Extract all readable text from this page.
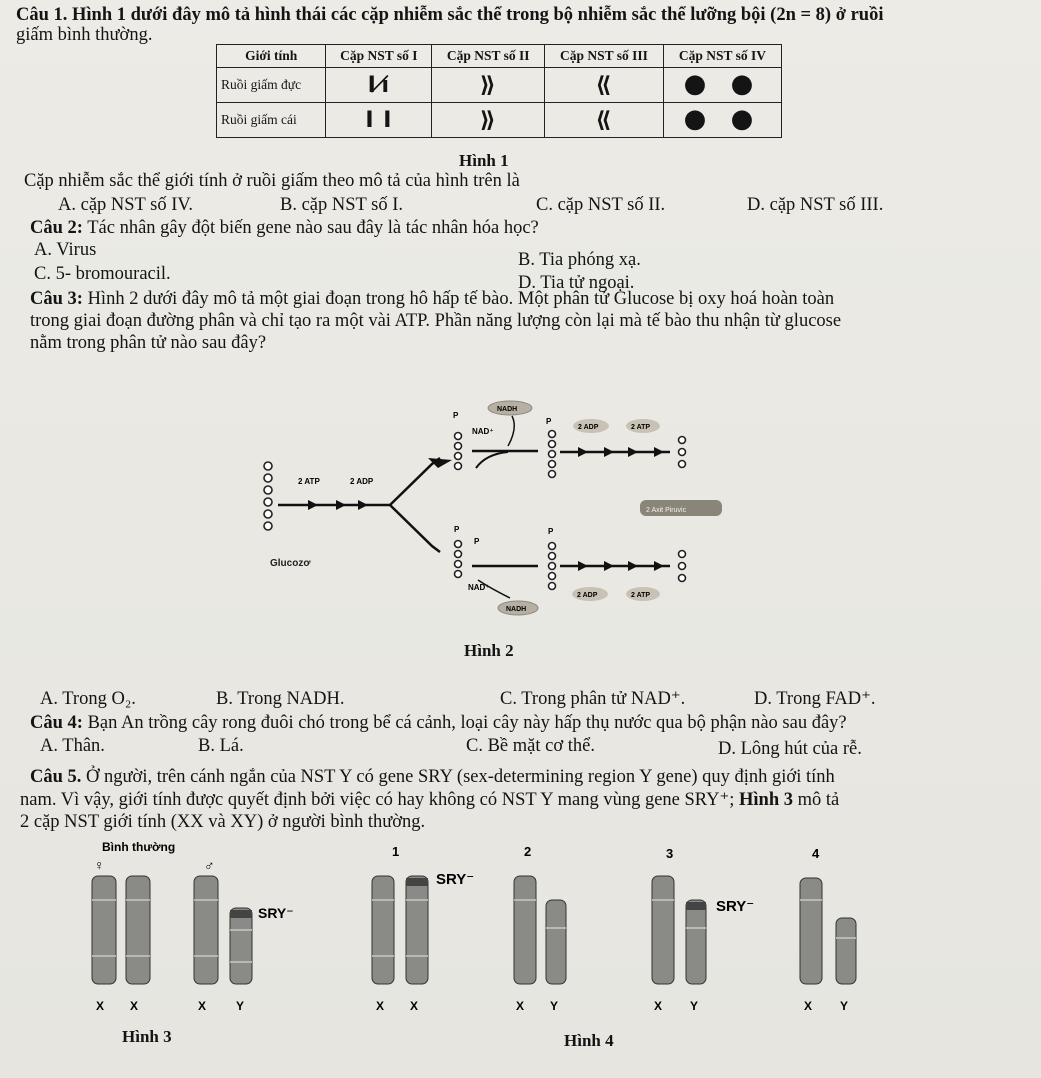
Câu 1. Hình 1 dưới đây mô tả hình thái các cặp nhiễm sắc thể trong bộ nhiễm sắc thể lưỡng bội (2n = 8) ở ruồi
giấm bình thường.
Giới tính	Cặp NST số I	Cặp NST số II	Cặp NST số III	Cặp NST số IV
Ruồi giấm đực	I ı̸	⟫	⟪	● ●
Ruồi giấm cái	I I	⟫	⟪	● ●
Hình 1
Cặp nhiễm sắc thể giới tính ở ruồi giấm theo mô tả của hình trên là
A. cặp NST số IV.	B. cặp NST số I.	C. cặp NST số II.	D. cặp NST số III.
Câu 2: Tác nhân gây đột biến gene nào sau đây là tác nhân hóa học?
A. Virus	B. Tia phóng xạ.
C. 5- bromouracil.	D. Tia tử ngoại.
Câu 3: Hình 2 dưới đây mô tả một giai đoạn trong hô hấp tế bào. Một phân tử Glucose bị oxy hoá hoàn toàn
trong giai đoạn đường phân và chỉ tạo ra một vài ATP. Phần năng lượng còn lại mà tế bào thu nhận từ glucose
nằm trong phân tử nào sau đây?
Glucozơ
2 ATP	2 ADP
P
NAD⁺
NADH
P
2 ADP	2 ATP
2 Axit Piruvic
P
P
P
NAD⁺
NADH
2 ADP	2 ATP
Hình 2
A. Trong O₂.	B. Trong NADH.	C. Trong phân tử NAD⁺.	D. Trong FAD⁺.
Câu 4: Bạn An trồng cây rong đuôi chó trong bể cá cảnh, loại cây này hấp thụ nước qua bộ phận nào sau đây?
A. Thân.	B. Lá.	C. Bề mặt cơ thể.	D. Lông hút của rễ.
Câu 5. Ở người, trên cánh ngắn của NST Y có gene SRY (sex-determining region Y gene) quy định giới tính
nam. Vì vậy, giới tính được quyết định bởi việc có hay không có NST Y mang vùng gene SRY⁺; Hình 3 mô tả
2 cặp NST giới tính (XX và XY) ở người bình thường.
Bình thường
♀	♂
SRY⁻
X X	X Y
1	2	3	4
SRY⁻
SRY⁻
X X	X Y	X Y	X Y
Hình 3	Hình 4
